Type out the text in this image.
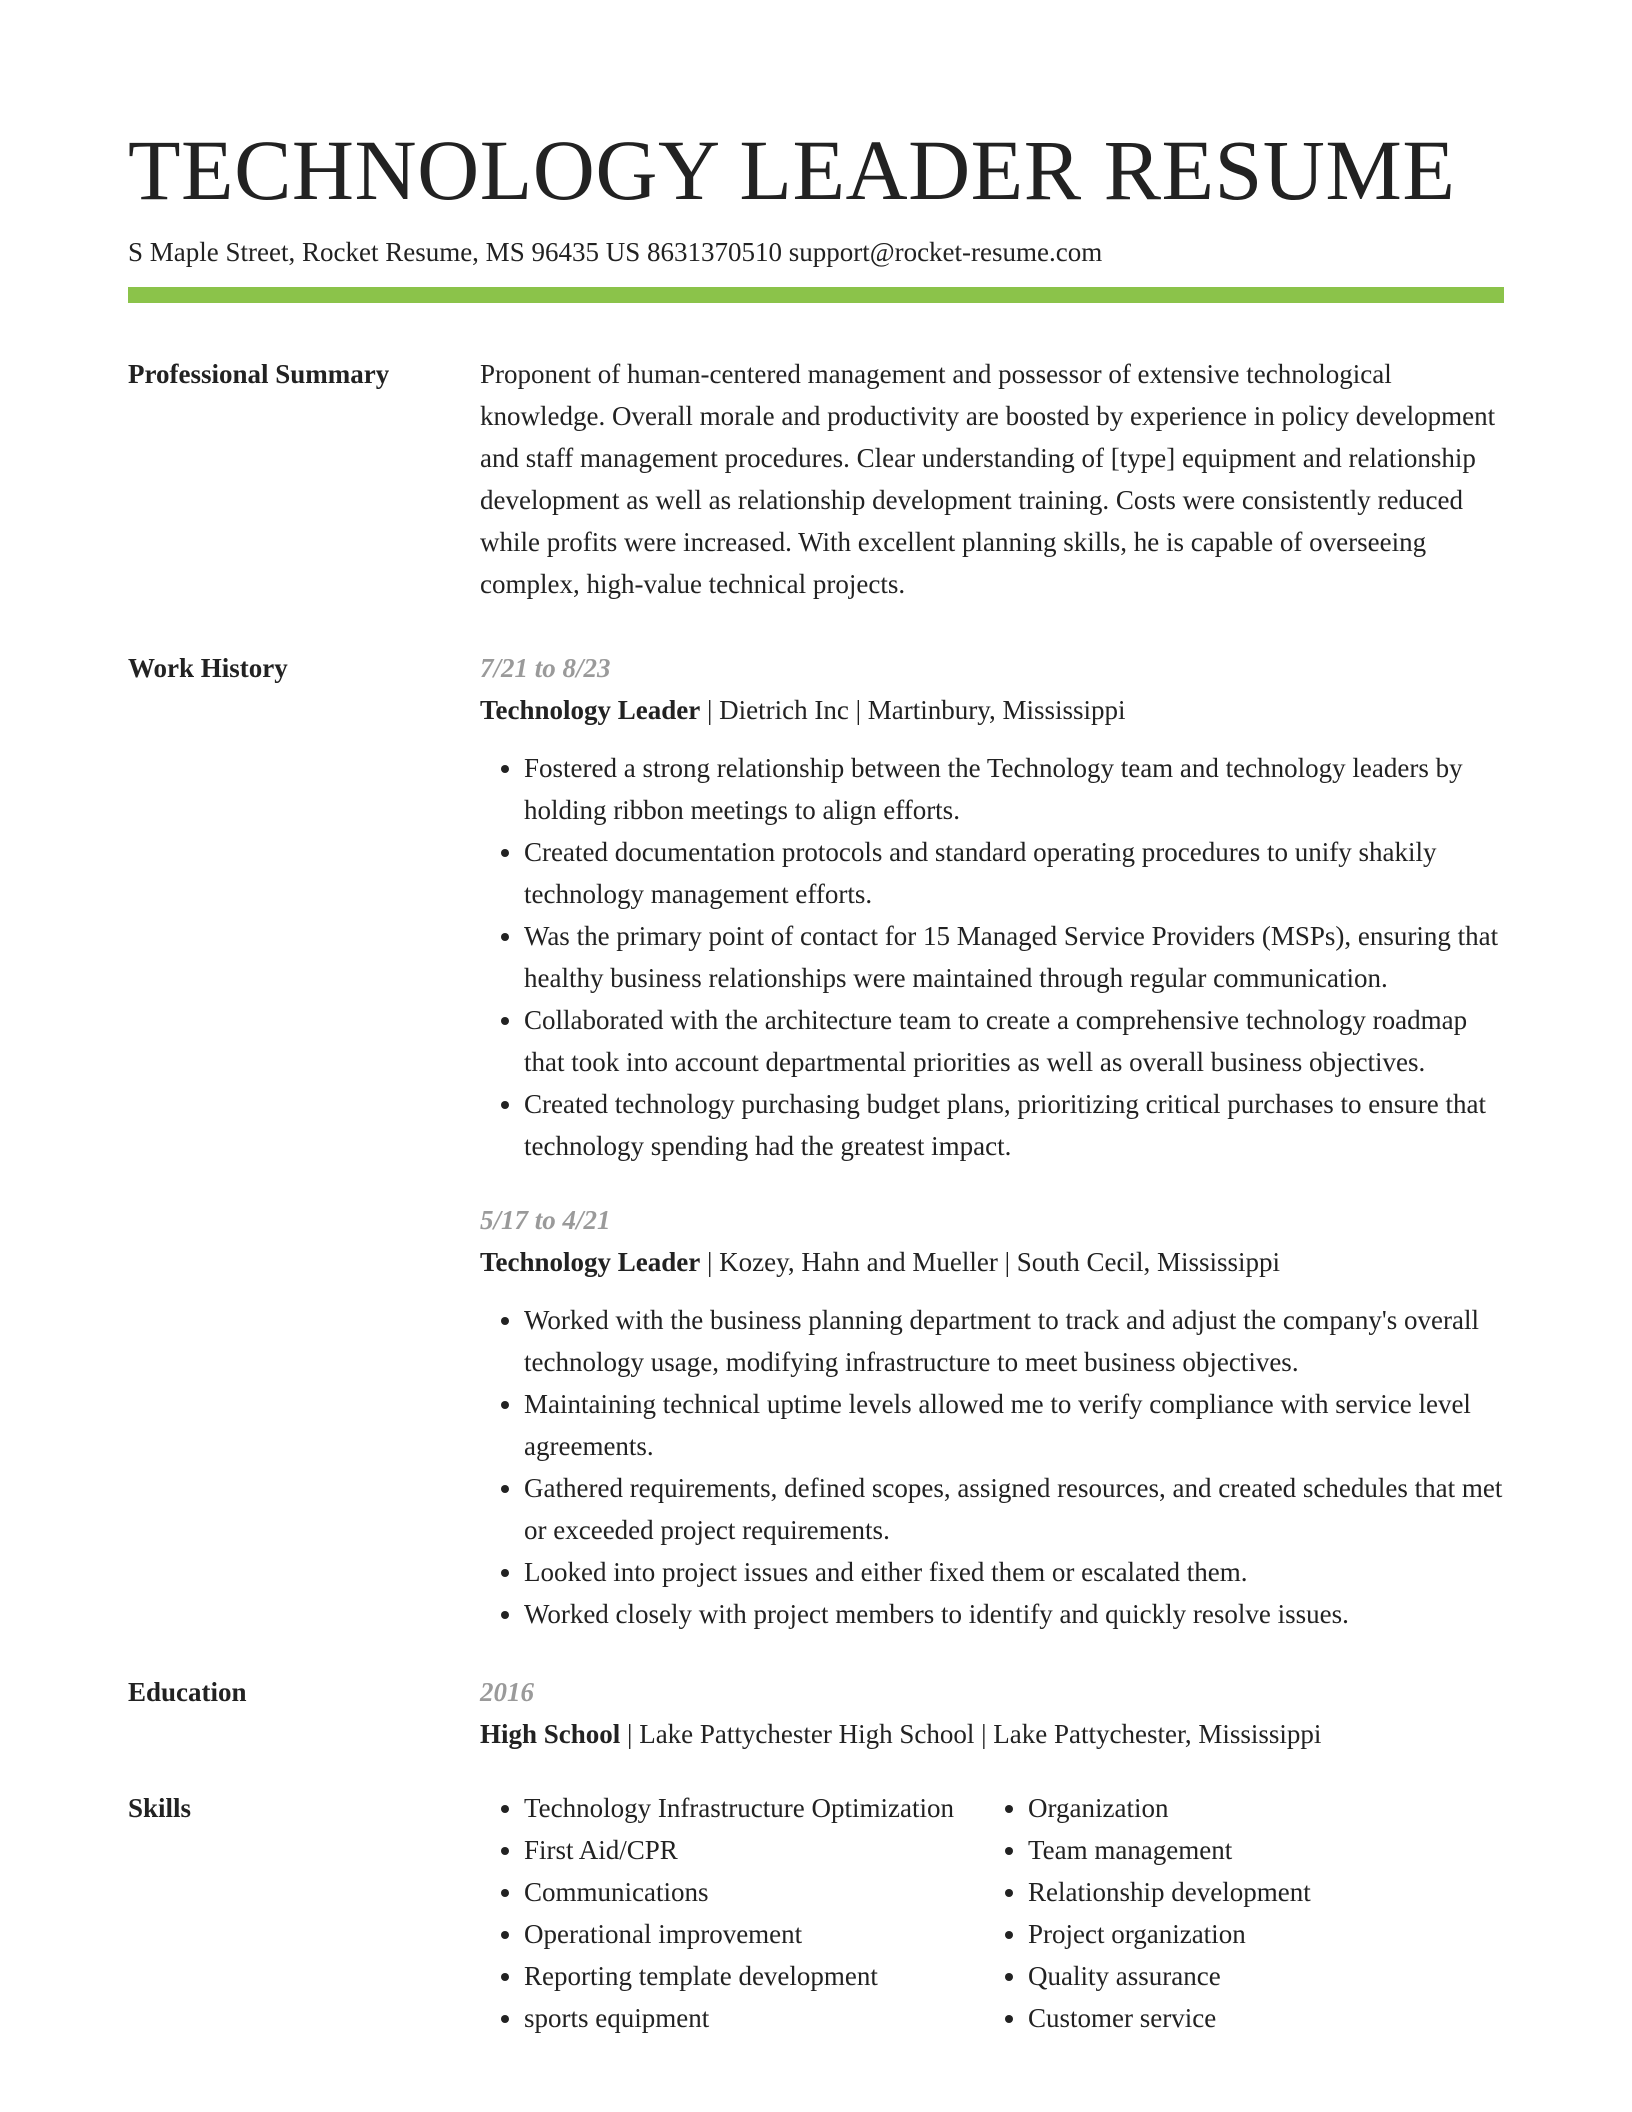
TECHNOLOGY LEADER RESUME
S Maple Street, Rocket Resume, MS 96435 US 8631370510 support@rocket-resume.com
Professional Summary	Proponent of human-centered management and possessor of extensive technological knowledge. Overall morale and productivity are boosted by experience in policy development and staff management procedures. Clear understanding of [type] equipment and relationship development as well as relationship development training. Costs were consistently reduced while profits were increased. With excellent planning skills, he is capable of overseeing complex, high-value technical projects.

Work History	7/21 to 8/23
Technology Leader | Dietrich Inc | Martinbury, Mississippi
• Fostered a strong relationship between the Technology team and technology leaders by holding ribbon meetings to align efforts.
• Created documentation protocols and standard operating procedures to unify shakily technology management efforts.
• Was the primary point of contact for 15 Managed Service Providers (MSPs), ensuring that healthy business relationships were maintained through regular communication.
• Collaborated with the architecture team to create a comprehensive technology roadmap that took into account departmental priorities as well as overall business objectives.
• Created technology purchasing budget plans, prioritizing critical purchases to ensure that technology spending had the greatest impact.
5/17 to 4/21
Technology Leader | Kozey, Hahn and Mueller | South Cecil, Mississippi
• Worked with the business planning department to track and adjust the company's overall technology usage, modifying infrastructure to meet business objectives.
• Maintaining technical uptime levels allowed me to verify compliance with service level agreements.
• Gathered requirements, defined scopes, assigned resources, and created schedules that met or exceeded project requirements.
• Looked into project issues and either fixed them or escalated them.
• Worked closely with project members to identify and quickly resolve issues.
Education	2016
High School | Lake Pattychester High School | Lake Pattychester, Mississippi
Skills
•	Technology Infrastructure Optimization
• First Aid/CPR
• Communications
• Operational improvement
• Reporting template development
• sports equipment
• Organization
• Team management
• Relationship development
• Project organization
• Quality assurance
• Customer service
